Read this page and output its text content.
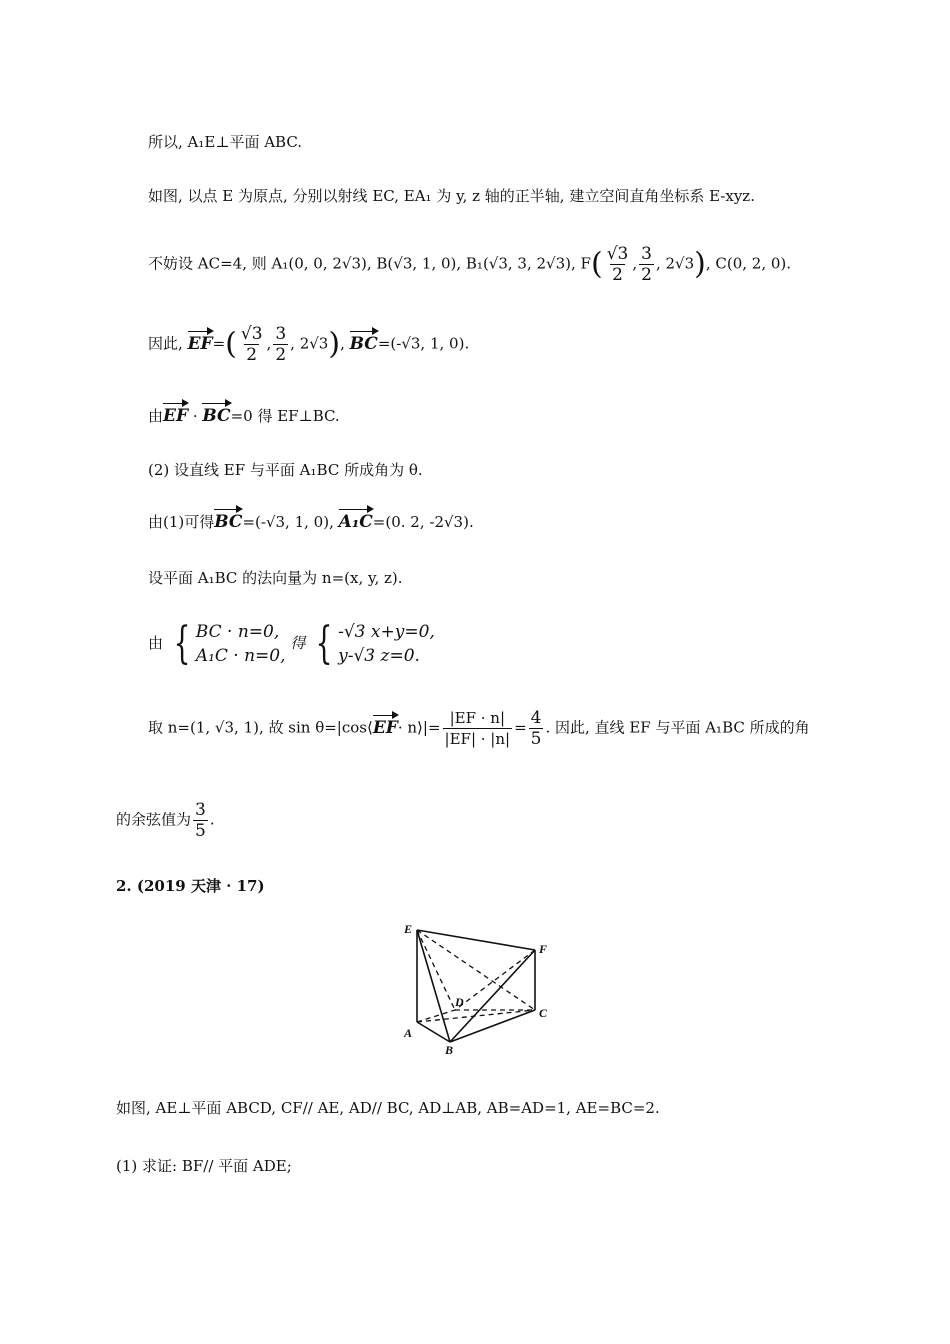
所以, A₁E⊥平面 ABC.
如图, 以点 E 为原点, 分别以射线 EC, EA₁ 为 y, z 轴的正半轴, 建立空间直角坐标系 E-xyz.
不妨设 AC=4, 则 A₁(0, 0, 2√3), B(√3, 1, 0), B₁(√3, 3, 2√3), $F( \frac{√3}{2}$ , $\frac{3}{2}$ , 2√3), C(0, 2, 0).
因此, $EF=( \frac{√3}{2}$ , $\frac{3}{2}$ , 2√3), BC=(-√3, 1, 0).
由EF · BC=0 得 EF⊥BC.
(2) 设直线 EF 与平面 A₁BC 所成角为 θ.
由(1)可得BC=(-√3, 1, 0), A₁C=(0. 2, -2√3).
设平面 A₁BC 的法向量为 n=(x, y, z).
由 { BC · n=0,
A₁C · n=0,
得 { -√3 x+y=0,
y-√3 z=0.
取 n=(1, √3, 1), 故 sin θ=|cos⟨EF· n⟩|= $\frac{|EF \cdot n|}{|EF| \cdot |n|} = \frac{4}{5}$ . 因此, 直线 EF 与平面 A₁BC 所成的角
的余弦值为 $\frac{3}{5}$ .
2. (2019 天津 · 17)
E
F
D
C
A
B
如图, AE⊥平面 ABCD, CF// AE, AD// BC, AD⊥AB, AB=AD=1, AE=BC=2.
(1) 求证: BF// 平面 ADE;
